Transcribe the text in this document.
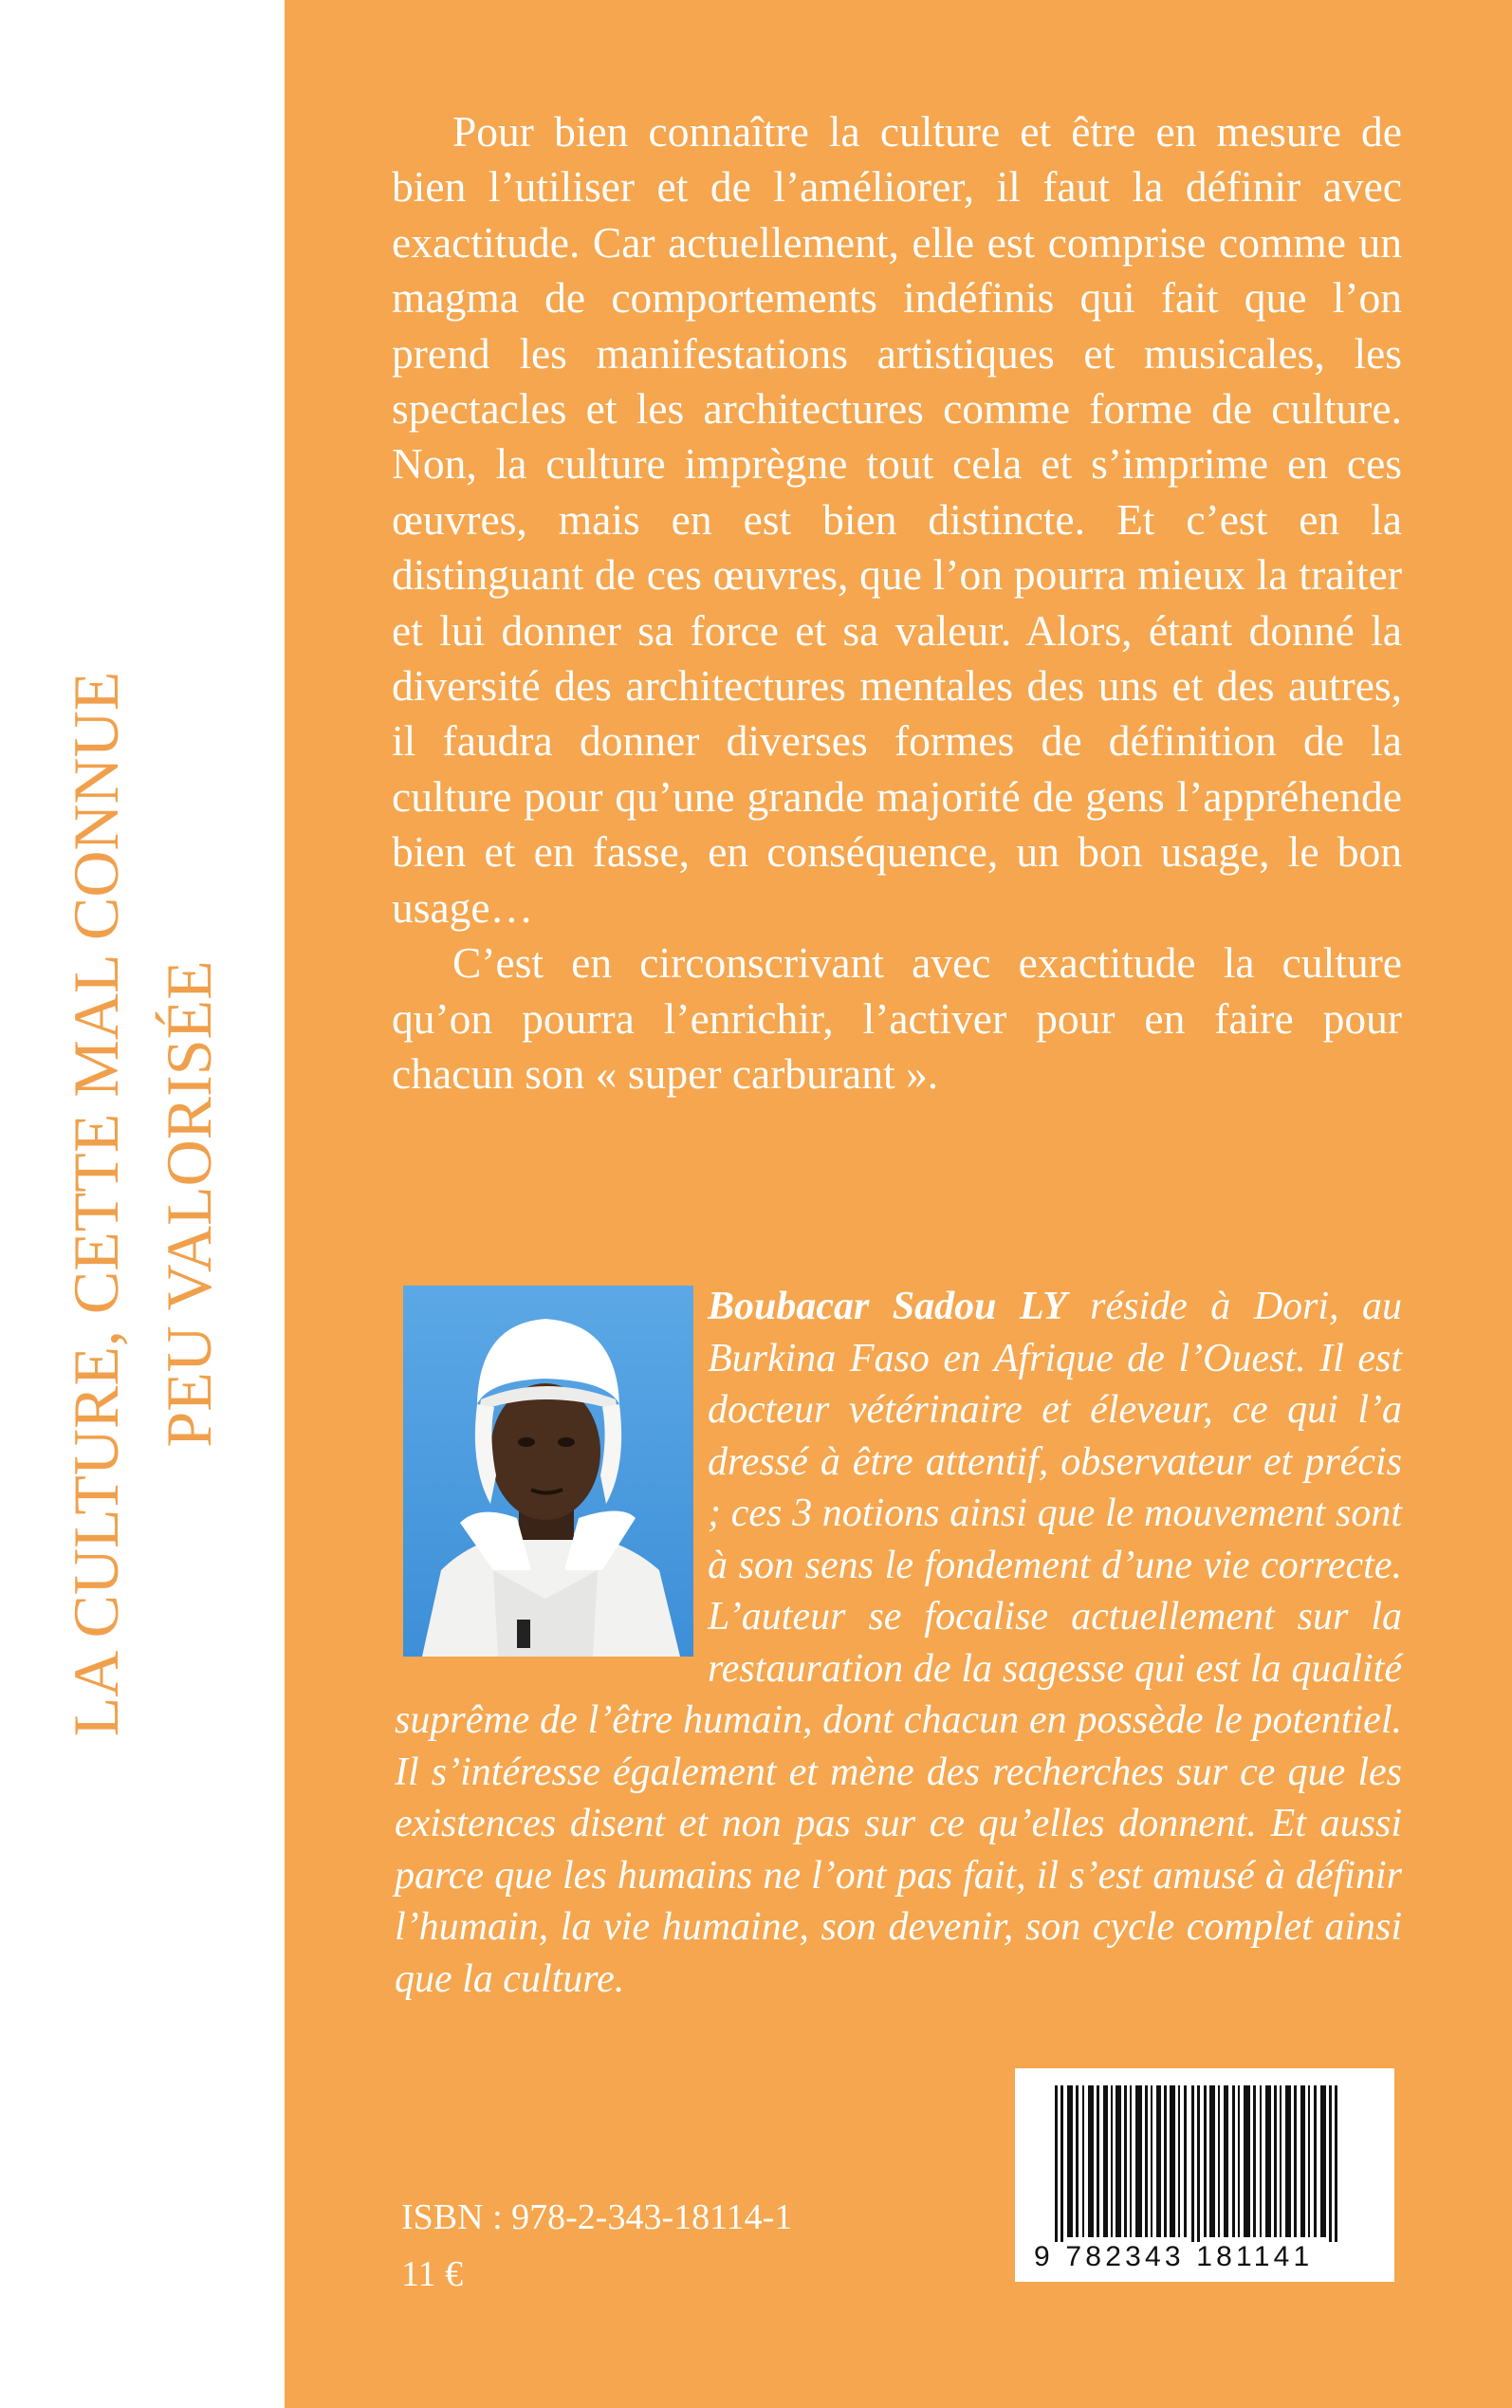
LA CULTURE, CETTE MAL CONNUE PEU VALORISÉE

Pour bien connaître la culture et être en mesure de bien l’utiliser et de l’améliorer, il faut la définir avec exactitude. Car actuellement, elle est comprise comme un magma de comportements indéfinis qui fait que l’on prend les manifestations artistiques et musicales, les spectacles et les architectures comme forme de culture. Non, la culture imprègne tout cela et s’imprime en ces œuvres, mais en est bien distincte. Et c’est en la distinguant de ces œuvres, que l’on pourra mieux la traiter et lui donner sa force et sa valeur. Alors, étant donné la diversité des architectures mentales des uns et des autres, il faudra donner diverses formes de définition de la culture pour qu’une grande majorité de gens l’appréhende bien et en fasse, en conséquence, un bon usage, le bon usage…

C’est en circonscrivant avec exactitude la culture qu’on pourra l’enrichir, l’activer pour en faire pour chacun son « super carburant ».

Boubacar Sadou LY réside à Dori, au Burkina Faso en Afrique de l’Ouest. Il est docteur vétérinaire et éleveur, ce qui l’a dressé à être attentif, observateur et précis ; ces 3 notions ainsi que le mouvement sont à son sens le fondement d’une vie correcte. L’auteur se focalise actuellement sur la restauration de la sagesse qui est la qualité suprême de l’être humain, dont chacun en possède le potentiel. Il s’intéresse également et mène des recherches sur ce que les existences disent et non pas sur ce qu’elles donnent. Et aussi parce que les humains ne l’ont pas fait, il s’est amusé à définir l’humain, la vie humaine, son devenir, son cycle complet ainsi que la culture.
9 782343 181141
ISBN : 978-2-343-18114-1
11 €
